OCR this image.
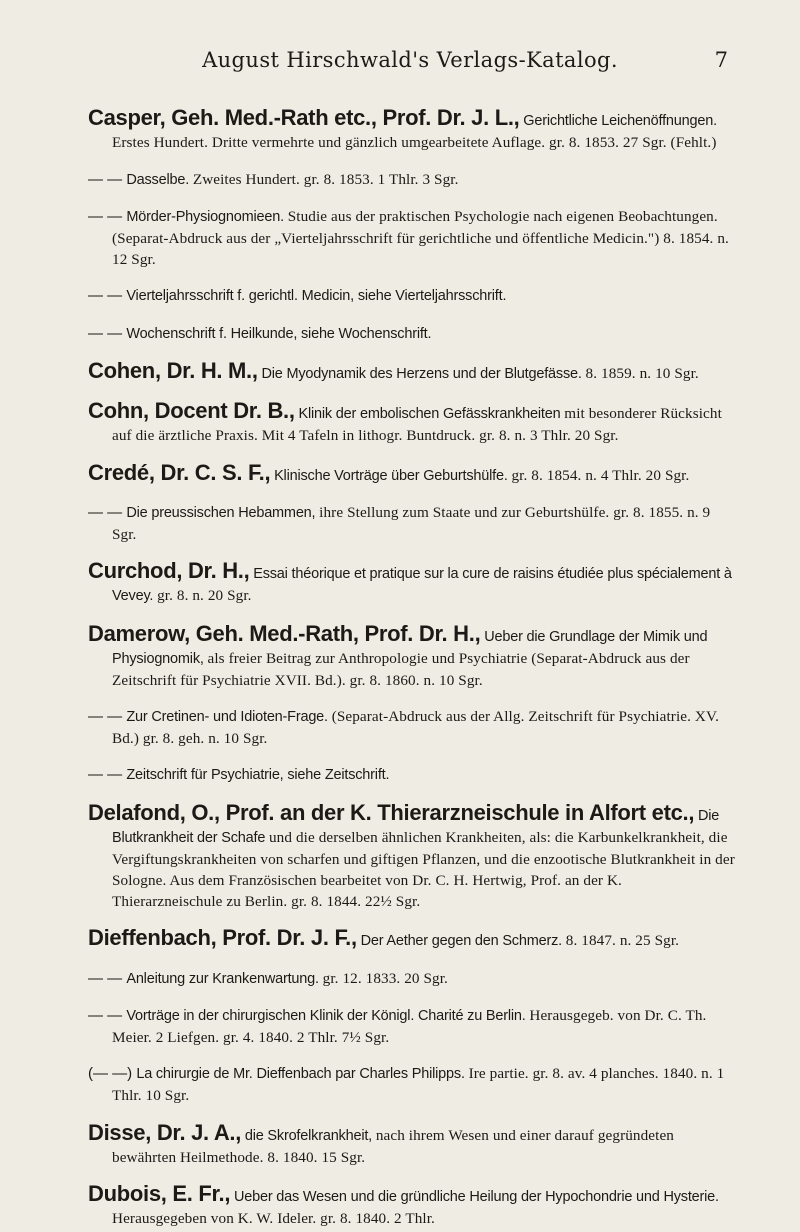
August Hirschwald's Verlags-Katalog.	7

Casper, Geh. Med.-Rath etc., Prof. Dr. J. L., Gerichtliche Leichenöffnungen. Erstes Hundert. Dritte vermehrte und gänzlich umgearbeitete Auflage. gr. 8. 1853. 27 Sgr. (Fehlt.)

— — Dasselbe. Zweites Hundert. gr. 8. 1853. 1 Thlr. 3 Sgr.

— — Mörder-Physiognomieen. Studie aus der praktischen Psychologie nach eigenen Beobachtungen. (Separat-Abdruck aus der „Vierteljahrsschrift für gerichtliche und öffentliche Medicin.") 8. 1854. n. 12 Sgr.

— — Vierteljahrsschrift f. gerichtl. Medicin, siehe Vierteljahrsschrift.

— — Wochenschrift f. Heilkunde, siehe Wochenschrift.

Cohen, Dr. H. M., Die Myodynamik des Herzens und der Blutgefässe. 8. 1859. n. 10 Sgr.

Cohn, Docent Dr. B., Klinik der embolischen Gefässkrankheiten mit besonderer Rücksicht auf die ärztliche Praxis. Mit 4 Tafeln in lithogr. Buntdruck. gr. 8. n. 3 Thlr. 20 Sgr.

Credé, Dr. C. S. F., Klinische Vorträge über Geburtshülfe. gr. 8. 1854. n. 4 Thlr. 20 Sgr.

— — Die preussischen Hebammen, ihre Stellung zum Staate und zur Geburtshülfe. gr. 8. 1855. n. 9 Sgr.

Curchod, Dr. H., Essai théorique et pratique sur la cure de raisins étudiée plus spécialement à Vevey. gr. 8. n. 20 Sgr.

Damerow, Geh. Med.-Rath, Prof. Dr. H., Ueber die Grundlage der Mimik und Physiognomik, als freier Beitrag zur Anthropologie und Psychiatrie (Separat-Abdruck aus der Zeitschrift für Psychiatrie XVII. Bd.). gr. 8. 1860. n. 10 Sgr.

— — Zur Cretinen- und Idioten-Frage. (Separat-Abdruck aus der Allg. Zeitschrift für Psychiatrie. XV. Bd.) gr. 8. geh. n. 10 Sgr.

— — Zeitschrift für Psychiatrie, siehe Zeitschrift.

Delafond, O., Prof. an der K. Thierarzneischule in Alfort etc., Die Blutkrankheit der Schafe und die derselben ähnlichen Krankheiten, als: die Karbunkelkrankheit, die Vergiftungskrankheiten von scharfen und giftigen Pflanzen, und die enzootische Blutkrankheit in der Sologne. Aus dem Französischen bearbeitet von Dr. C. H. Hertwig, Prof. an der K. Thierarzneischule zu Berlin. gr. 8. 1844. 22½ Sgr.

Dieffenbach, Prof. Dr. J. F., Der Aether gegen den Schmerz. 8. 1847. n. 25 Sgr.

— — Anleitung zur Krankenwartung. gr. 12. 1833. 20 Sgr.

— — Vorträge in der chirurgischen Klinik der Königl. Charité zu Berlin. Herausgegeb. von Dr. C. Th. Meier. 2 Liefgen. gr. 4. 1840. 2 Thlr. 7½ Sgr.

(— —) La chirurgie de Mr. Dieffenbach par Charles Philipps. Ire partie. gr. 8. av. 4 planches. 1840. n. 1 Thlr. 10 Sgr.

Disse, Dr. J. A., die Skrofelkrankheit, nach ihrem Wesen und einer darauf gegründeten bewährten Heilmethode. 8. 1840. 15 Sgr.

Dubois, E. Fr., Ueber das Wesen und die gründliche Heilung der Hypochondrie und Hysterie. Herausgegeben von K. W. Ideler. gr. 8. 1840. 2 Thlr.
